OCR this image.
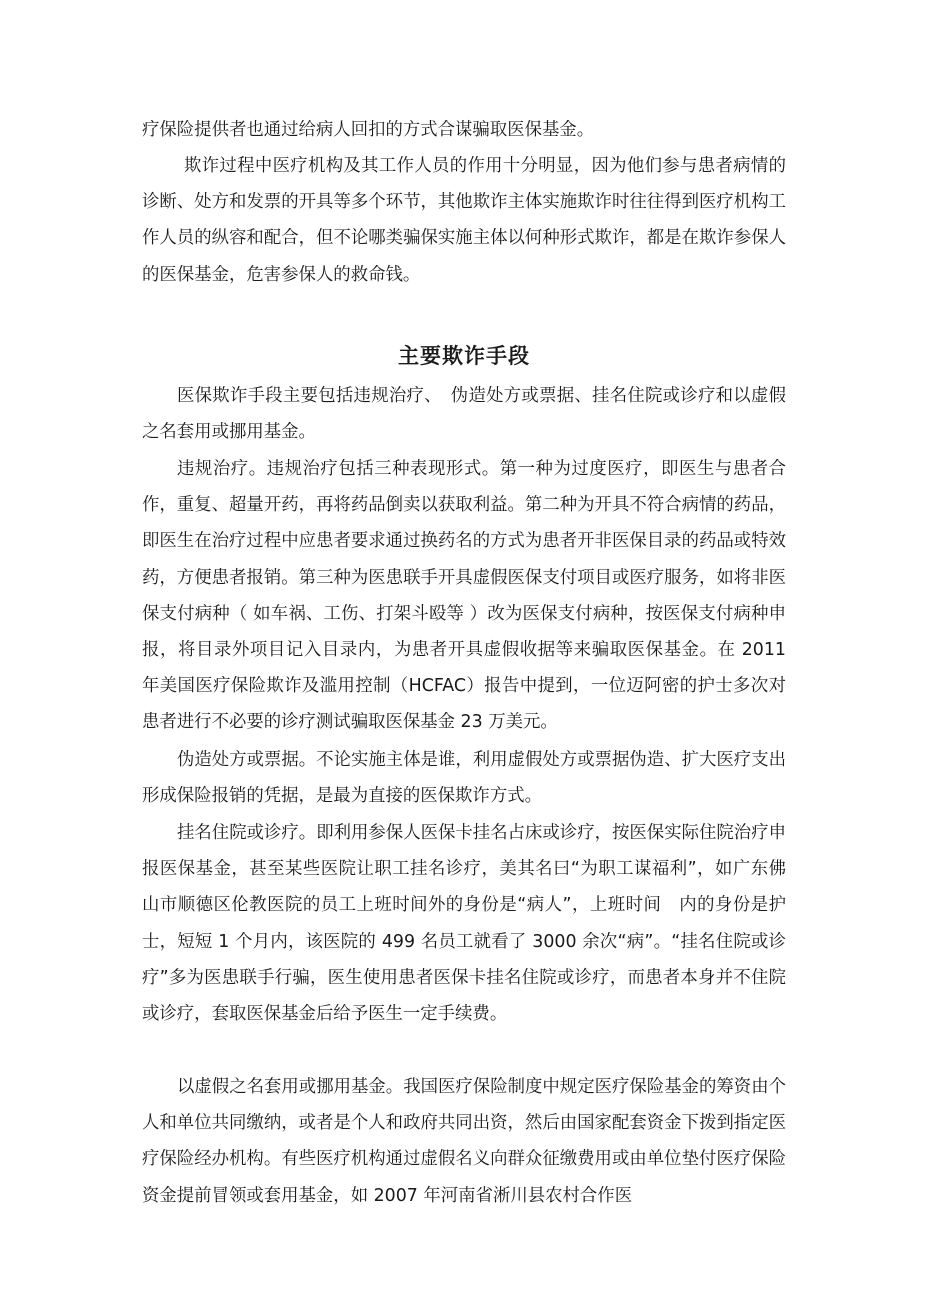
疗保险提供者也通过给病人回扣的方式合谋骗取医保基金。

欺诈过程中医疗机构及其工作人员的作用十分明显，因为他们参与患者病情的诊断、处方和发票的开具等多个环节，其他欺诈主体实施欺诈时往往得到医疗机构工作人员的纵容和配合，但不论哪类骗保实施主体以何种形式欺诈，都是在欺诈参保人的医保基金，危害参保人的救命钱。

主要欺诈手段

医保欺诈手段主要包括违规治疗、　伪造处方或票据、挂名住院或诊疗和以虚假之名套用或挪用基金。

违规治疗。违规治疗包括三种表现形式。第一种为过度医疗，即医生与患者合作，重复、超量开药，再将药品倒卖以获取利益。第二种为开具不符合病情的药品，即医生在治疗过程中应患者要求通过换药名的方式为患者开非医保目录的药品或特效药，方便患者报销。第三种为医患联手开具虚假医保支付项目或医疗服务，如将非医保支付病种（ 如车祸、工伤、打架斗殴等 ）改为医保支付病种，按医保支付病种申报，将目录外项目记入目录内，为患者开具虚假收据等来骗取医保基金。在 2011 年美国医疗保险欺诈及滥用控制（HCFAC）报告中提到，一位迈阿密的护士多次对患者进行不必要的诊疗测试骗取医保基金 23 万美元。

伪造处方或票据。不论实施主体是谁，利用虚假处方或票据伪造、扩大医疗支出形成保险报销的凭据，是最为直接的医保欺诈方式。

挂名住院或诊疗。即利用参保人医保卡挂名占床或诊疗，按医保实际住院治疗申报医保基金，甚至某些医院让职工挂名诊疗，美其名曰“为职工谋福利”，如广东佛山市顺德区伦教医院的员工上班时间外的身份是“病人”，上班时间　内的身份是护士，短短 1 个月内，该医院的 499 名员工就看了 3000 余次“病”。“挂名住院或诊疗”多为医患联手行骗，医生使用患者医保卡挂名住院或诊疗，而患者本身并不住院或诊疗，套取医保基金后给予医生一定手续费。

以虚假之名套用或挪用基金。我国医疗保险制度中规定医疗保险基金的筹资由个人和单位共同缴纳，或者是个人和政府共同出资，然后由国家配套资金下拨到指定医疗保险经办机构。有些医疗机构通过虚假名义向群众征缴费用或由单位垫付医疗保险资金提前冒领或套用基金，如 2007 年河南省淅川县农村合作医
